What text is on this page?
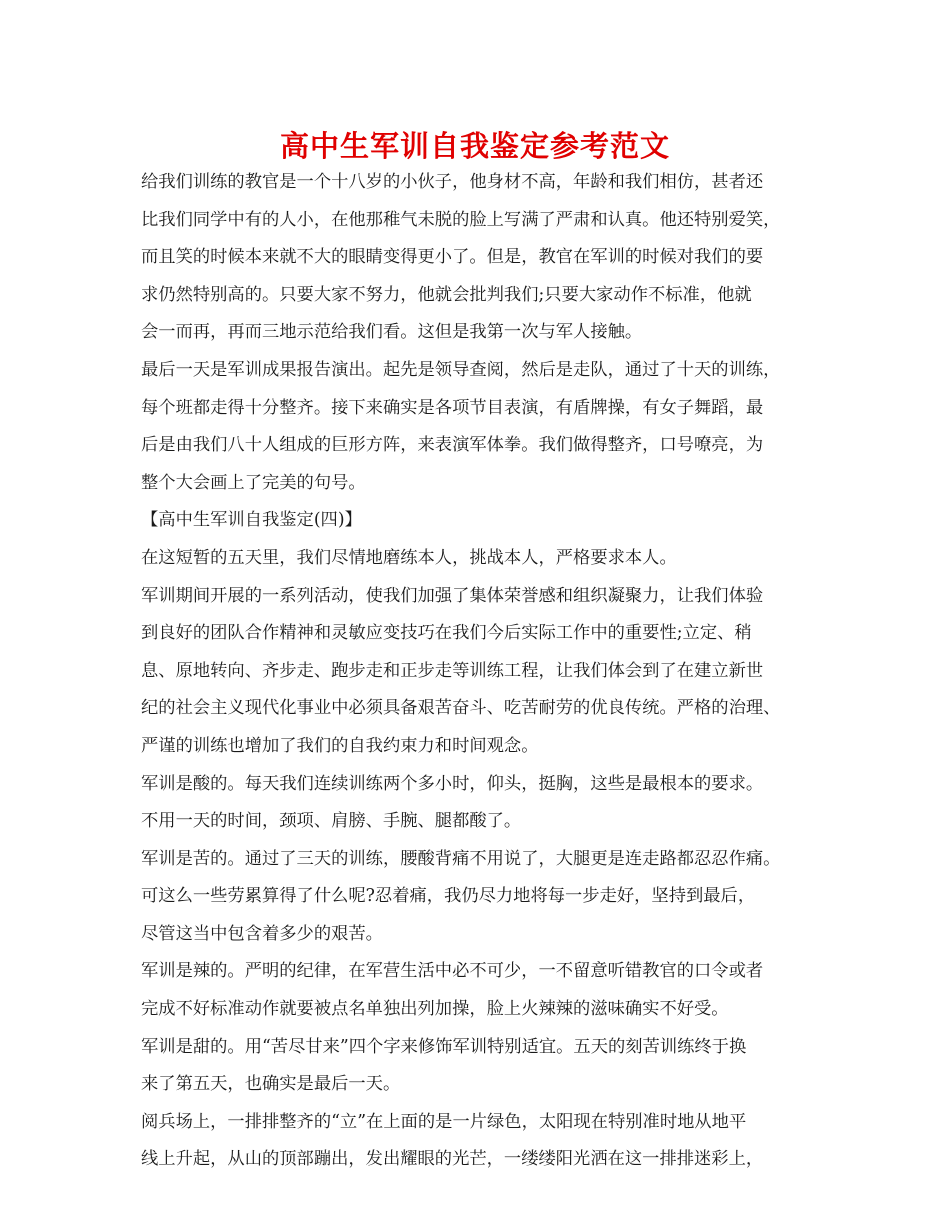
高中生军训自我鉴定参考范文
给我们训练的教官是一个十八岁的小伙子，他身材不高，年龄和我们相仿，甚者还
比我们同学中有的人小，在他那稚气未脱的脸上写满了严肃和认真。他还特别爱笑，
而且笑的时候本来就不大的眼睛变得更小了。但是，教官在军训的时候对我们的要
求仍然特别高的。只要大家不努力，他就会批判我们;只要大家动作不标准，他就
会一而再，再而三地示范给我们看。这但是我第一次与军人接触。
最后一天是军训成果报告演出。起先是领导查阅，然后是走队，通过了十天的训练，
每个班都走得十分整齐。接下来确实是各项节目表演，有盾牌操，有女子舞蹈，最
后是由我们八十人组成的巨形方阵，来表演军体拳。我们做得整齐，口号嘹亮，为
整个大会画上了完美的句号。
【高中生军训自我鉴定(四)】
在这短暂的五天里，我们尽情地磨练本人，挑战本人，严格要求本人。
军训期间开展的一系列活动，使我们加强了集体荣誉感和组织凝聚力，让我们体验
到良好的团队合作精神和灵敏应变技巧在我们今后实际工作中的重要性;立定、稍
息、原地转向、齐步走、跑步走和正步走等训练工程，让我们体会到了在建立新世
纪的社会主义现代化事业中必须具备艰苦奋斗、吃苦耐劳的优良传统。严格的治理、
严谨的训练也增加了我们的自我约束力和时间观念。
军训是酸的。每天我们连续训练两个多小时，仰头，挺胸，这些是最根本的要求。
不用一天的时间，颈项、肩膀、手腕、腿都酸了。
军训是苦的。通过了三天的训练，腰酸背痛不用说了，大腿更是连走路都忍忍作痛。
可这么一些劳累算得了什么呢?忍着痛，我仍尽力地将每一步走好，坚持到最后，
尽管这当中包含着多少的艰苦。
军训是辣的。严明的纪律，在军营生活中必不可少，一不留意听错教官的口令或者
完成不好标准动作就要被点名单独出列加操，脸上火辣辣的滋味确实不好受。
军训是甜的。用“苦尽甘来”四个字来修饰军训特别适宜。五天的刻苦训练终于换
来了第五天，也确实是最后一天。
阅兵场上，一排排整齐的“立”在上面的是一片绿色，太阳现在特别准时地从地平
线上升起，从山的顶部蹦出，发出耀眼的光芒，一缕缕阳光洒在这一排排迷彩上，
